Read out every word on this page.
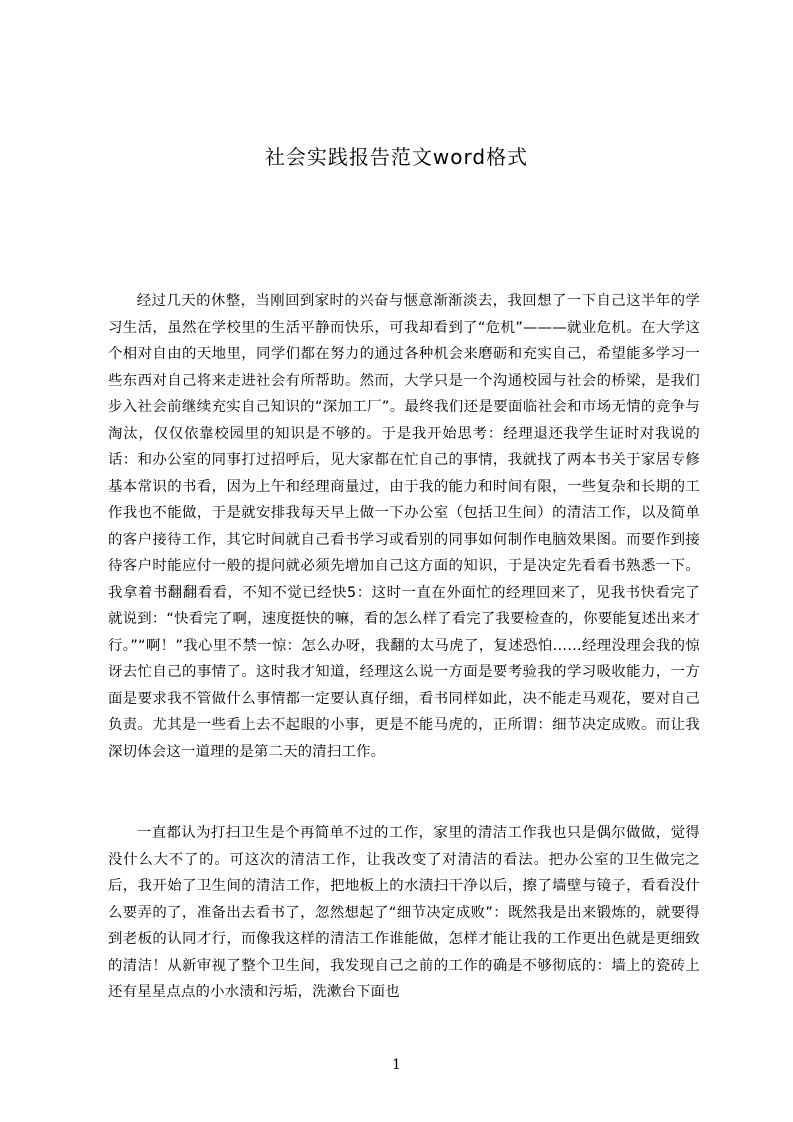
社会实践报告范文word格式

经过几天的休整，当刚回到家时的兴奋与惬意渐渐淡去，我回想了一下自己这半年的学习生活，虽然在学校里的生活平静而快乐，可我却看到了“危机”———就业危机。在大学这个相对自由的天地里，同学们都在努力的通过各种机会来磨砺和充实自己，希望能多学习一些东西对自己将来走进社会有所帮助。然而，大学只是一个沟通校园与社会的桥梁，是我们步入社会前继续充实自己知识的“深加工厂”。最终我们还是要面临社会和市场无情的竞争与淘汰，仅仅依靠校园里的知识是不够的。于是我开始思考：经理退还我学生证时对我说的话：和办公室的同事打过招呼后，见大家都在忙自己的事情，我就找了两本书关于家居专修基本常识的书看，因为上午和经理商量过，由于我的能力和时间有限，一些复杂和长期的工作我也不能做，于是就安排我每天早上做一下办公室（包括卫生间）的清洁工作，以及简单的客户接待工作，其它时间就自己看书学习或看别的同事如何制作电脑效果图。而要作到接待客户时能应付一般的提问就必须先增加自己这方面的知识，于是决定先看看书熟悉一下。我拿着书翻翻看看，不知不觉已经快5：这时一直在外面忙的经理回来了，见我书快看完了就说到：“快看完了啊，速度挺快的嘛，看的怎么样了看完了我要检查的，你要能复述出来才行。”“啊！”我心里不禁一惊：怎么办呀，我翻的太马虎了，复述恐怕……经理没理会我的惊讶去忙自己的事情了。这时我才知道，经理这么说一方面是要考验我的学习吸收能力，一方面是要求我不管做什么事情都一定要认真仔细，看书同样如此，决不能走马观花，要对自己负责。尤其是一些看上去不起眼的小事，更是不能马虎的，正所谓：细节决定成败。而让我深切体会这一道理的是第二天的清扫工作。

一直都认为打扫卫生是个再简单不过的工作，家里的清洁工作我也只是偶尔做做，觉得没什么大不了的。可这次的清洁工作，让我改变了对清洁的看法。把办公室的卫生做完之后，我开始了卫生间的清洁工作，把地板上的水渍扫干净以后，擦了墙壁与镜子，看看没什么要弄的了，准备出去看书了，忽然想起了“细节决定成败”：既然我是出来锻炼的，就要得到老板的认同才行，而像我这样的清洁工作谁能做，怎样才能让我的工作更出色就是更细致的清洁！从新审视了整个卫生间，我发现自己之前的工作的确是不够彻底的：墙上的瓷砖上还有星星点点的小水渍和污垢，洗漱台下面也

1
